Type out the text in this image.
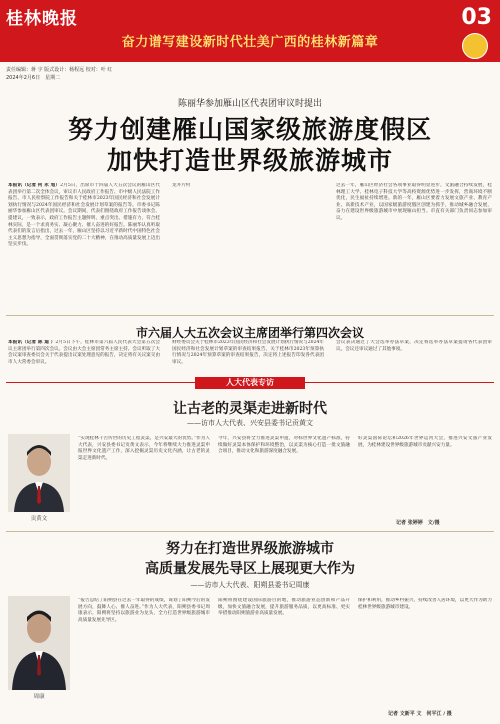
桂林晚报	03
奋力谱写建设新时代壮美广西的桂林新篇章
责任编辑：蒋 宇 版式设计：杨程远 校对：叶 红
2024年2月6日　星期二
陈丽华参加雁山区代表团审议时提出
努力创建雁山国家级旅游度假区
加快打造世界级旅游城市
本报讯（记者 何 永 旭）2月5日，出席市十四届人大五次会议的雁山区代表团举行第二次全体会议，审议市人民政府工作报告、市中级人民法院工作报告、市人民检察院工作报告和关于桂林市2023年国民经济和社会发展计划执行情况与2024年国民经济和社会发展计划草案的报告等。市委书记陈丽华参加雁山区代表团审议。会议期间，代表们围绕政府工作报告谈体会、提建议，一致表示，政府工作报告主题鲜明、重点突出、措施有力，符合桂林实际，是一个求真务实、凝心聚力、催人奋进的好报告。陈丽华认真听取代表们的发言后指出，过去一年，雁山区坚持以习近平新时代中国特色社会主义思想为指导，全面贯彻落实党的二十大精神，在推动高质量发展上迈出坚实步伐。
龙井片村	过去一年，雁山区经济社会各项事业取得明显进步，文旅融合持续发展，桂林理工大学、桂林电子科技大学等高校资源优势进一步发挥，营商环境不断优化，民生福祉持续增进。新的一年，雁山区要着力发展文旅产业、教育产业、高新技术产业，以国家级旅游度假区创建为抓手，推动城乡融合发展，奋力在建设世界级旅游城市中展现雁山担当。市直有关部门负责同志参加审议。
市六届人大五次会议主席团举行第四次会议
本报讯（记者 陈 迪 ）2月5日下午，桂林市第六届人民代表大会第五次会议主席团举行第四次会议。会议由大会主席团常务主席主持。会议听取了大会议案审查委员会关于代表提出议案处理意见的报告，决定将有关议案交由市人大常委会审议。
财经委员会关于桂林市2023年国民经济和社会发展计划执行情况与2024年国民经济和社会发展计划草案的审查结果报告、关于桂林市2023年预算执行情况与2024年预算草案的审查结果报告，决定将上述报告印发各代表团审议。
会议表决通过了大会选举办法草案，决定将选举办法草案提请各代表团审议。会议还审议通过了其他事项。
人大代表专访
让古老的灵渠走进新时代
——访市人大代表、兴安县委书记贡黄文
贡黄文
“实现桂林千古传世的历史工程灵渠，是兴安最大的优势。”作为人大代表，兴安县委书记贡黄文表示，今年将继续大力推进灵渠申报世界文化遗产工作，深入挖掘灵渠历史文化内涵，让古老的灵渠走进新时代。
今年，兴安县将全力推进灵渠申遗，对标世界文化遗产标准，持续做好灵渠本体保护和环境整治，以灵渠为核心打造一批文旅融合项目，推动文化和旅游深度融合发展。
好灵渠国际论坛和2026年世界运河大会，推进兴安文旅产业发展，为桂林建设世界级旅游城市贡献兴安力量。
记者 张婷婷　文/摄
努力在打造世界级旅游城市
高质量发展先导区上展现更大作为
——访市人大代表、阳朔县委书记周康
周康
“报告总结了阳朔县在过去一年取得的成绩，谋划了阳朔今后的发展方向，鼓舞人心、催人奋进。”作为人大代表，阳朔县委书记周康表示，阳朔将坚持以旅游业为龙头，全力打造世界级旅游城市高质量发展先导区。
阳朔将围绕建设国际旅游目的地，推动旅游业态创新和产品升级，加快文旅融合发展，提升旅游服务品质，以更高标准、更实举措推动阳朔旅游业高质量发展。
保护和利用，推动乡村振兴，持续改善人居环境，以更大作为助力桂林世界级旅游城市建设。
记者 文新平 文　何平江 / 摄
